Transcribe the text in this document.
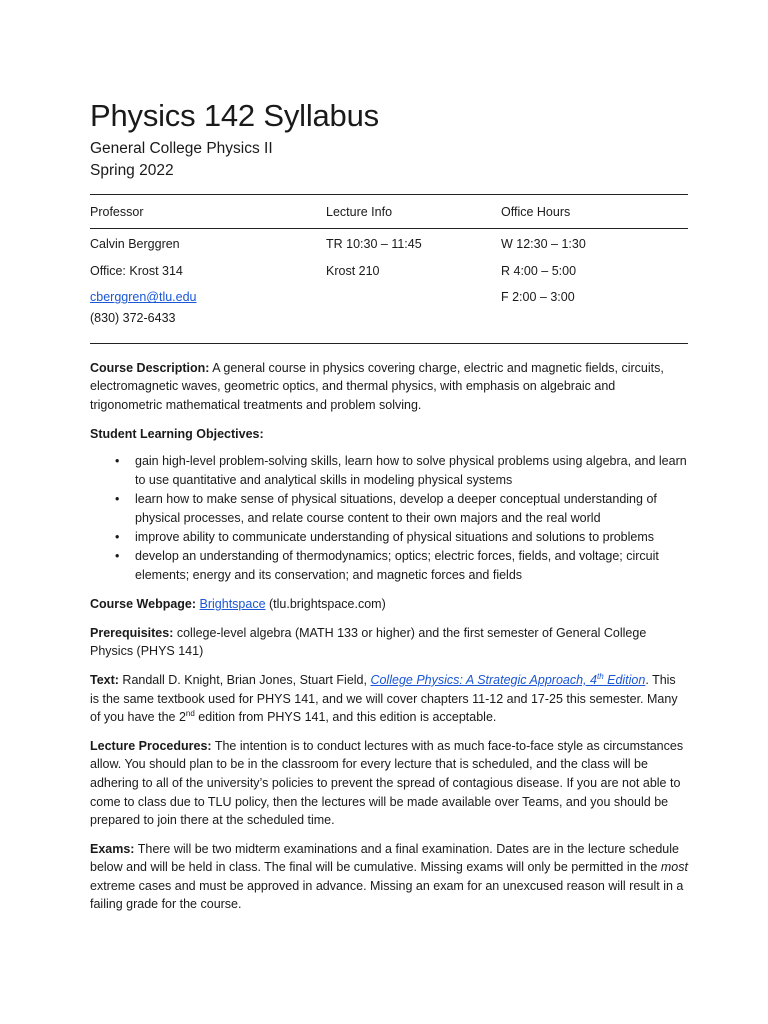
Physics 142 Syllabus
General College Physics II
Spring 2022
Professor	Lecture Info	Office Hours
Calvin Berggren	TR 10:30 – 11:45	W 12:30 – 1:30
Office: Krost 314	Krost 210	R 4:00 – 5:00
cberggren@tlu.edu		F 2:00 – 3:00
(830) 372-6433		

Course Description: A general course in physics covering charge, electric and magnetic fields, circuits, electromagnetic waves, geometric optics, and thermal physics, with emphasis on algebraic and trigonometric mathematical treatments and problem solving.

Student Learning Objectives:

• gain high-level problem-solving skills, learn how to solve physical problems using algebra, and learn to use quantitative and analytical skills in modeling physical systems
• learn how to make sense of physical situations, develop a deeper conceptual understanding of physical processes, and relate course content to their own majors and the real world
• improve ability to communicate understanding of physical situations and solutions to problems
• develop an understanding of thermodynamics; optics; electric forces, fields, and voltage; circuit elements; energy and its conservation; and magnetic forces and fields

Course Webpage: Brightspace (tlu.brightspace.com)

Prerequisites: college-level algebra (MATH 133 or higher) and the first semester of General College Physics (PHYS 141)

Text: Randall D. Knight, Brian Jones, Stuart Field, College Physics: A Strategic Approach, 4th Edition. This is the same textbook used for PHYS 141, and we will cover chapters 11-12 and 17-25 this semester. Many of you have the 2nd edition from PHYS 141, and this edition is acceptable.

Lecture Procedures: The intention is to conduct lectures with as much face-to-face style as circumstances allow. You should plan to be in the classroom for every lecture that is scheduled, and the class will be adhering to all of the university’s policies to prevent the spread of contagious disease. If you are not able to come to class due to TLU policy, then the lectures will be made available over Teams, and you should be prepared to join there at the scheduled time.

Exams: There will be two midterm examinations and a final examination. Dates are in the lecture schedule below and will be held in class. The final will be cumulative. Missing exams will only be permitted in the most extreme cases and must be approved in advance. Missing an exam for an unexcused reason will result in a failing grade for the course.
